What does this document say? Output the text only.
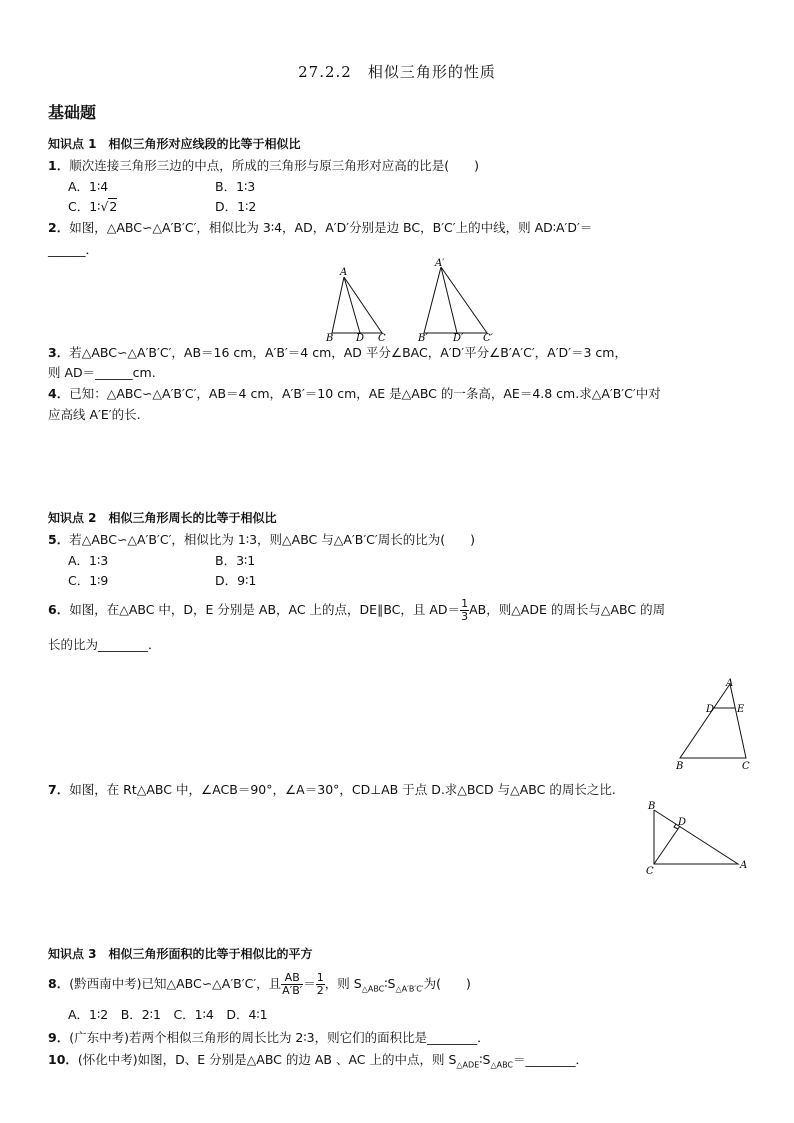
27.2.2　相似三角形的性质
基础题
知识点 1　相似三角形对应线段的比等于相似比
1．顺次连接三角形三边的中点，所成的三角形与原三角形对应高的比是(　　)
A．1∶4	B．1∶3
C．1∶√2	D．1∶2
2．如图，△ABC∽△A′B′C′，相似比为 3∶4，AD，A′D′分别是边 BC，B′C′上的中线，则 AD∶A′D′＝
______．
A
B D C
A′
B′	D′ C′
3．若△ABC∽△A′B′C′，AB＝16 cm，A′B′＝4 cm，AD 平分∠BAC，A′D′平分∠B′A′C′，A′D′＝3 cm，
则 AD＝______cm.
4．已知：△ABC∽△A′B′C′，AB＝4 cm，A′B′＝10 cm，AE 是△ABC 的一条高，AE＝4.8 cm.求△A′B′C′中对
应高线 A′E′的长.
知识点 2　相似三角形周长的比等于相似比
5．若△ABC∽△A′B′C′，相似比为 1∶3，则△ABC 与△A′B′C′周长的比为(　　)
A．1∶3	B．3∶1
C．1∶9	D．9∶1
6．如图，在△ABC 中，D，E 分别是 AB，AC 上的点，DE∥BC，且 $AD= \frac{1}{3}$ AB，则△ADE 的周长与△ABC 的周
长的比为________．
A
D E
B	C
7．如图，在 Rt△ABC 中，∠ACB＝90°，∠A＝30°，CD⊥AB 于点 D.求△BCD 与△ABC 的周长之比.
B
D
C
A
知识点 3　相似三角形面积的比等于相似比的平方
8．(黔西南中考)已知△ABC∽△A′B′C′，且 $\frac{AB}{A'B'} = \frac{1}{2}$ ，则 $S_{\triangle ABC}∶S_{\triangle A'B'C'}$为(　　)
A．1∶2　B．2∶1　C．1∶4　D．4∶1
9．(广东中考)若两个相似三角形的周长比为 2∶3，则它们的面积比是________．
10．(怀化中考)如图，D、E 分别是△ABC 的边 AB 、AC 上的中点，则 $S_{\triangle ADE}∶S_{\triangle ABC}=\_\_\_\_\_\_\_\_$．
